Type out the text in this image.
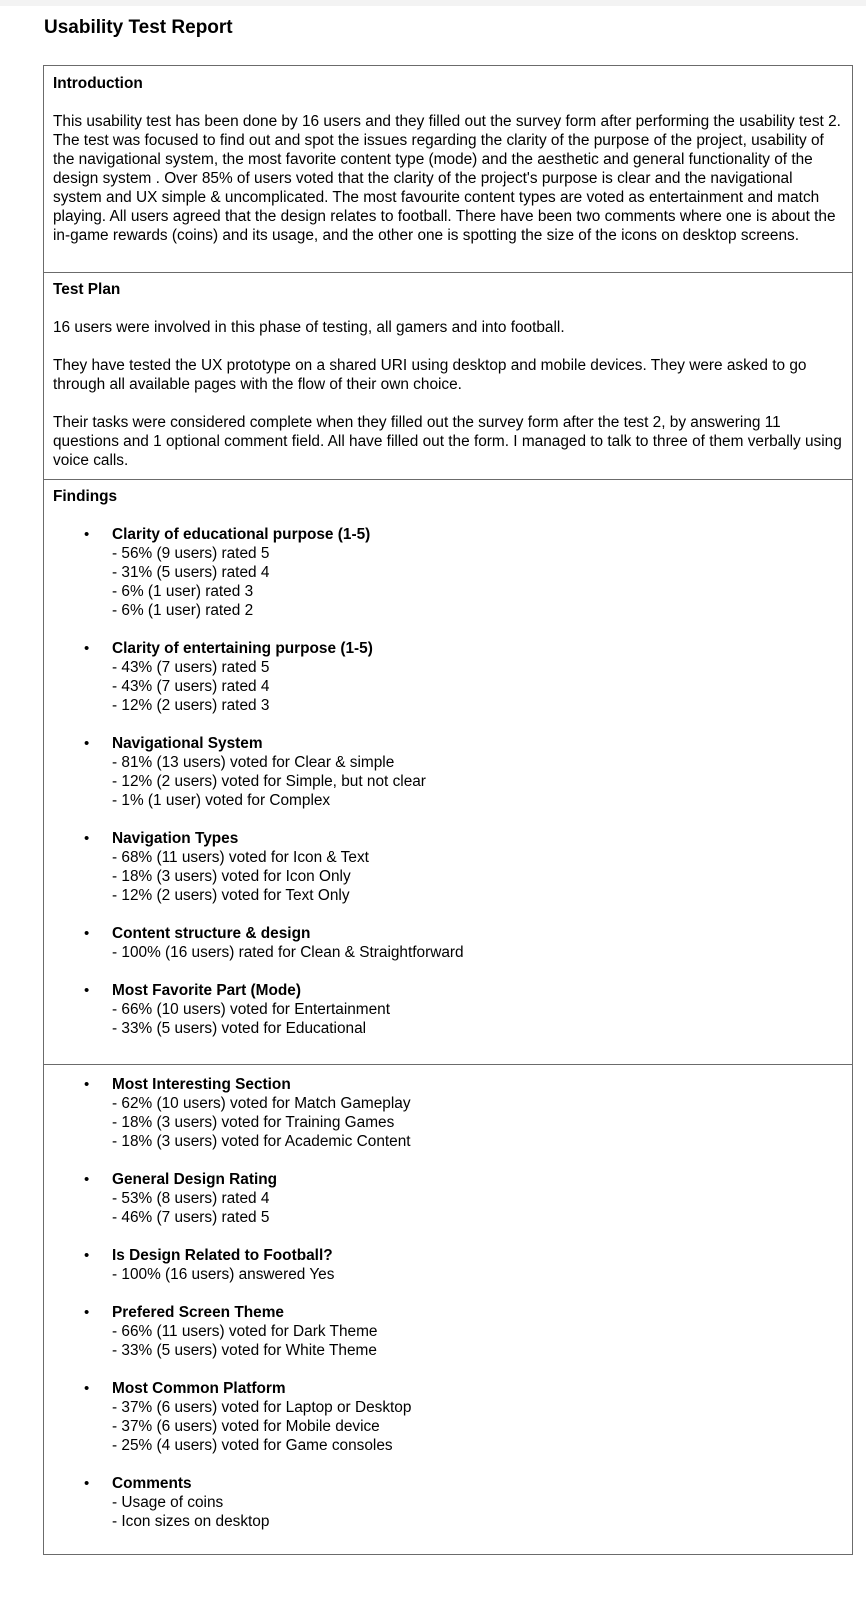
Usability Test Report
Introduction
This usability test has been done by 16 users and they filled out the survey form after performing the usability test 2. The test was focused to find out and spot the issues regarding the clarity of the purpose of the project, usability of the navigational system, the most favorite content type (mode) and the aesthetic and general functionality of the design system . Over 85% of users voted that the clarity of the project's purpose is clear and the navigational system and UX simple & uncomplicated. The most favourite content types are voted as entertainment and match playing. All users agreed that the design relates to football. There have been two comments where one is about the in-game rewards (coins) and its usage, and the other one is spotting the size of the icons on desktop screens.
Test Plan
16 users were involved in this phase of testing, all gamers and into football.
They have tested the UX prototype on a shared URI using desktop and mobile devices. They were asked to go through all available pages with the flow of their own choice.
Their tasks were considered complete when they filled out the survey form after the test 2, by answering 11 questions and 1 optional comment field. All have filled out the form. I managed to talk to three of them verbally using voice calls.
Findings
• Clarity of educational purpose (1-5)
- 56% (9 users) rated 5
- 31% (5 users) rated 4
- 6% (1 user) rated 3
- 6% (1 user) rated 2
• Clarity of entertaining purpose (1-5)
- 43% (7 users) rated 5
- 43% (7 users) rated 4
- 12% (2 users) rated 3
• Navigational System
- 81% (13 users) voted for Clear & simple
- 12% (2 users) voted for Simple, but not clear
- 1% (1 user) voted for Complex
• Navigation Types
- 68% (11 users) voted for Icon & Text
- 18% (3 users) voted for Icon Only
- 12% (2 users) voted for Text Only
• Content structure & design
- 100% (16 users) rated for Clean & Straightforward
• Most Favorite Part (Mode)
- 66% (10 users) voted for Entertainment
- 33% (5 users) voted for Educational
• Most Interesting Section
- 62% (10 users) voted for Match Gameplay
- 18% (3 users) voted for Training Games
- 18% (3 users) voted for Academic Content
• General Design Rating
- 53% (8 users) rated 4
- 46% (7 users) rated 5
• Is Design Related to Football?
- 100% (16 users) answered Yes
• Prefered Screen Theme
- 66% (11 users) voted for Dark Theme
- 33% (5 users) voted for White Theme
• Most Common Platform
- 37% (6 users) voted for Laptop or Desktop
- 37% (6 users) voted for Mobile device
- 25% (4 users) voted for Game consoles
• Comments
- Usage of coins
- Icon sizes on desktop
